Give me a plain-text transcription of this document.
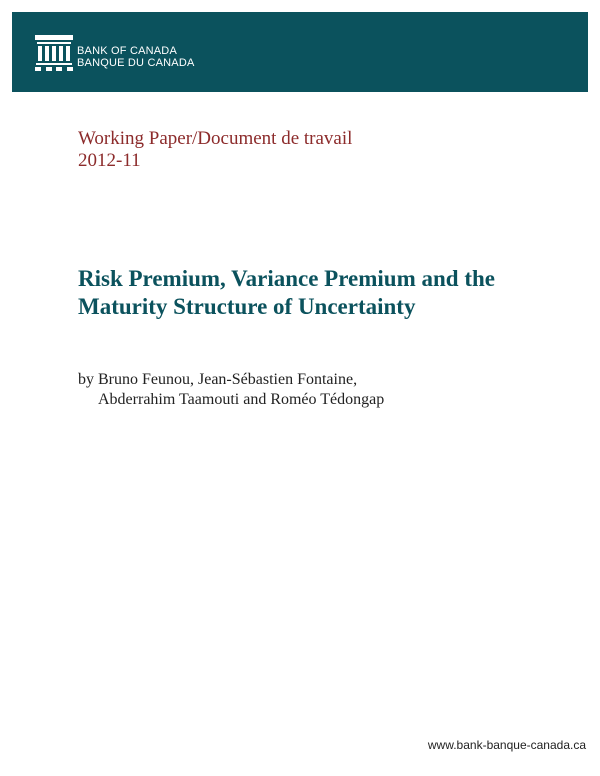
BANK OF CANADA
BANQUE DU CANADA
Working Paper/Document de travail
2012-11
Risk Premium, Variance Premium and the
Maturity Structure of Uncertainty
by Bruno Feunou, Jean-Sébastien Fontaine,
Abderrahim Taamouti and Roméo Tédongap
www.bank-banque-canada.ca
